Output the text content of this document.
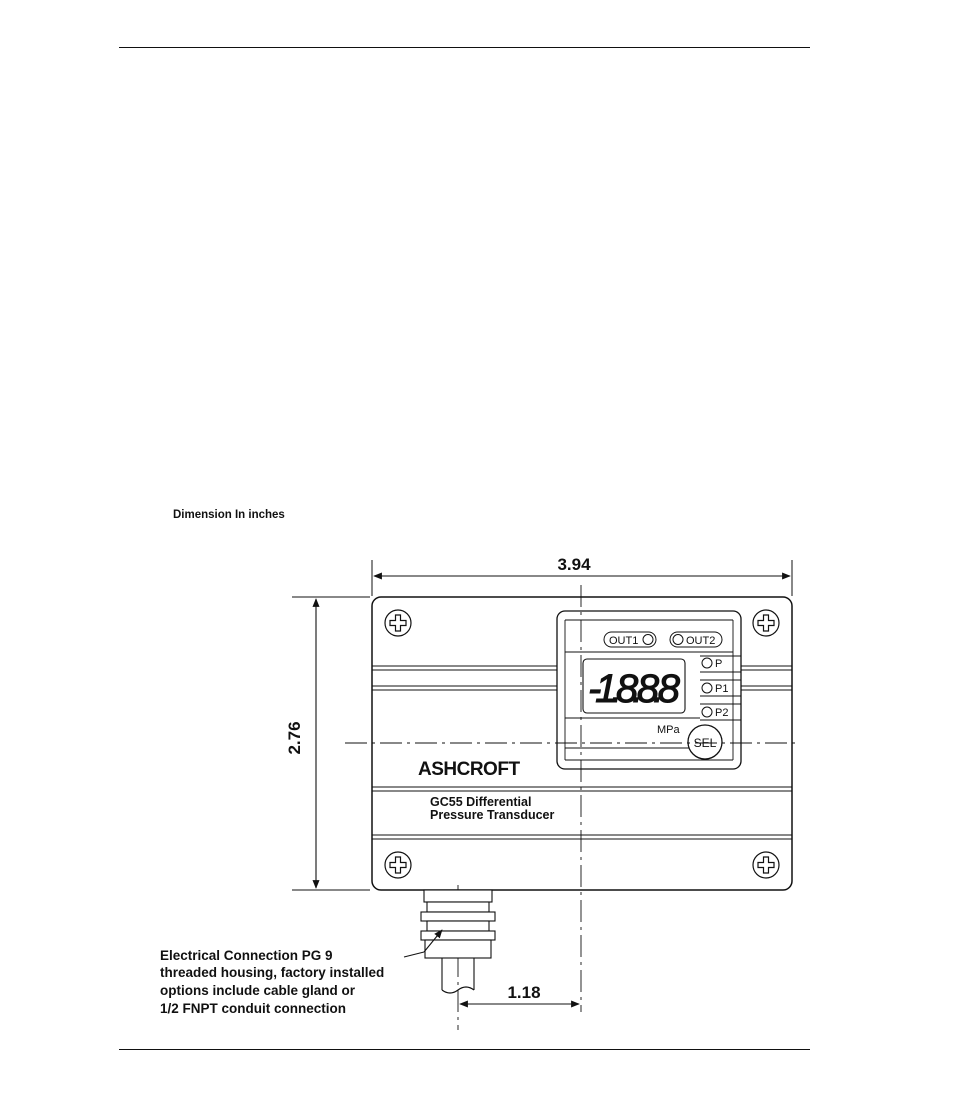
Dimension In inches
3.94
2.76
OUT1	OUT2
P
P1
P2
-1.8.8.8
MPa
SEL
ASHCROFT
GC55 Differential
Pressure Transducer
1.18
Electrical Connection PG 9
threaded housing, factory installed
options include cable gland or
1/2 FNPT conduit connection
